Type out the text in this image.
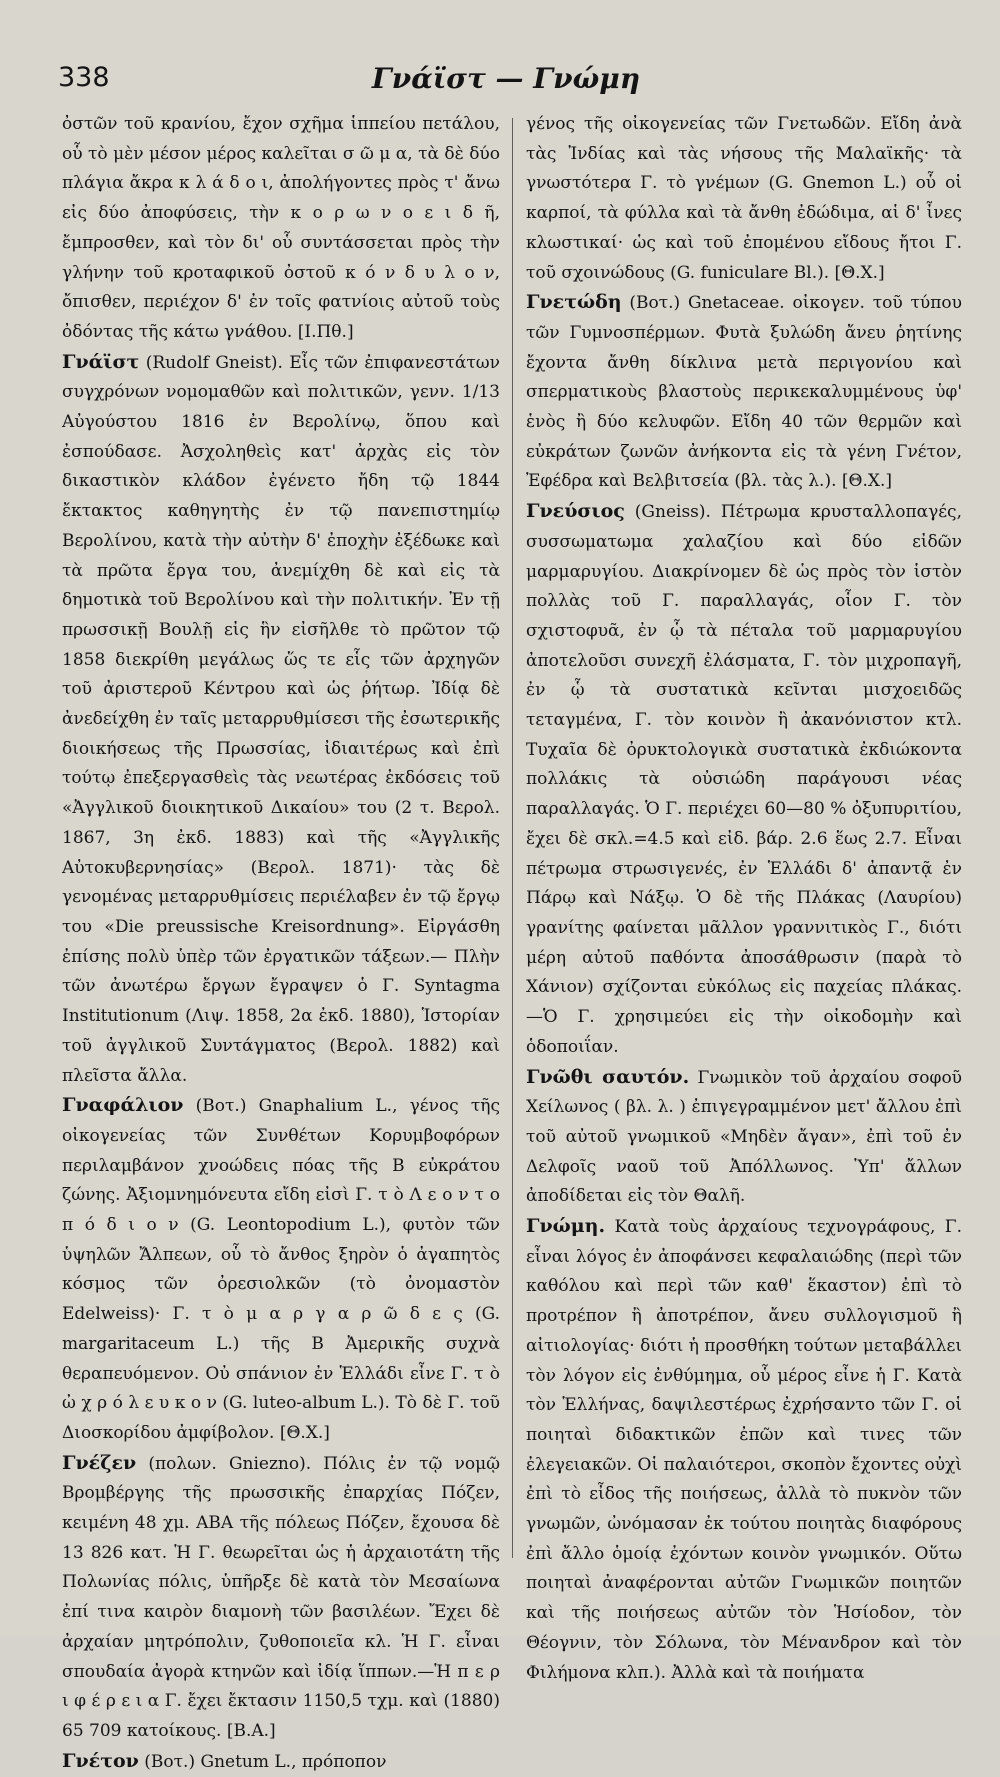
338	Γνάϊστ — Γνώμη

ὀστῶν τοῦ κρανίου, ἔχον σχῆμα ἱππείου πετάλου, οὗ τὸ μὲν μέσον μέρος καλεῖται σ ῶ μ α, τὰ δὲ δύο πλάγια ἄκρα κ λ ά δ ο ι, ἀπολήγοντες πρὸς τ' ἄνω εἰς δύο ἀποφύσεις, τὴν κ ο ρ ω ν ο ε ι δ ῆ, ἔμπροσθεν, καὶ τὸν δι' οὗ συντάσσεται πρὸς τὴν γλήνην τοῦ κροταφικοῦ ὀστοῦ κ ό ν δ υ λ ο ν, ὄπισθεν, περιέχον δ' ἐν τοῖς φατνίοις αὐτοῦ τοὺς ὀδόντας τῆς κάτω γνάθου. [Ι.Πθ.]

Γνάϊστ (Rudolf Gneist). Εἷς τῶν ἐπιφανεστάτων συγχρόνων νομομαθῶν καὶ πολιτικῶν, γενν. 1/13 Αὐγούστου 1816 ἐν Βερολίνῳ, ὅπου καὶ ἐσπούδασε. Ἀσχοληθεὶς κατ' ἀρχὰς εἰς τὸν δικαστικὸν κλάδον ἐγένετο ἤδη τῷ 1844 ἔκτακτος καθηγητὴς ἐν τῷ πανεπιστημίῳ Βερολίνου, κατὰ τὴν αὐτὴν δ' ἐποχὴν ἐξέδωκε καὶ τὰ πρῶτα ἔργα του, ἀνεμίχθη δὲ καὶ εἰς τὰ δημοτικὰ τοῦ Βερολίνου καὶ τὴν πολιτικήν. Ἐν τῇ πρωσσικῇ Βουλῇ εἰς ἣν εἰσῆλθε τὸ πρῶτον τῷ 1858 διεκρίθη μεγάλως ὥς τε εἷς τῶν ἀρχηγῶν τοῦ ἀριστεροῦ Κέντρου καὶ ὡς ῥήτωρ. Ἰδίᾳ δὲ ἀνεδείχθη ἐν ταῖς μεταρρυθμίσεσι τῆς ἐσωτερικῆς διοικήσεως τῆς Πρωσσίας, ἰδιαιτέρως καὶ ἐπὶ τούτῳ ἐπεξεργασθεὶς τὰς νεωτέρας ἐκδόσεις τοῦ «Ἀγγλικοῦ διοικητικοῦ Δικαίου» του (2 τ. Βερολ. 1867, 3η ἐκδ. 1883) καὶ τῆς «Ἀγγλικῆς Αὐτοκυβερνησίας» (Βερολ. 1871)· τὰς δὲ γενομένας μεταρρυθμίσεις περιέλαβεν ἐν τῷ ἔργῳ του «Die preussische Kreisordnung». Εἰργάσθη ἐπίσης πολὺ ὑπὲρ τῶν ἐργατικῶν τάξεων.— Πλὴν τῶν ἀνωτέρω ἔργων ἔγραψεν ὁ Γ. Syntagma Institutionum (Λιψ. 1858, 2α ἐκδ. 1880), Ἱστορίαν τοῦ ἀγγλικοῦ Συντάγματος (Βερολ. 1882) καὶ πλεῖστα ἄλλα.

Γναφάλιον (Βοτ.) Gnaphalium L., γένος τῆς οἰκογενείας τῶν Συνθέτων Κορυμβοφόρων περιλαμβάνον χνοώδεις πόας τῆς Β εὐκράτου ζώνης. Ἀξιομνημόνευτα εἴδη εἰσὶ Γ. τ ὸ Λ ε ο ν τ ο π ό δ ι ο ν (G. Leontopodium L.), φυτὸν τῶν ὑψηλῶν Ἄλπεων, οὗ τὸ ἄνθος ξηρὸν ὁ ἀγαπητὸς κόσμος τῶν ὀρεσιολκῶν (τὸ ὀνομαστὸν Edelweiss)· Γ. τ ὸ μ α ρ γ α ρ ῶ δ ε ς (G. margaritaceum L.) τῆς Β Ἀμερικῆς συχνὰ θεραπευόμενον. Οὐ σπάνιον ἐν Ἑλλάδι εἶνε Γ. τ ὸ ὠ χ ρ ό λ ε υ κ ο ν (G. luteo-album L.). Τὸ δὲ Γ. τοῦ Διοσκορίδου ἀμφίβολον. [Θ.Χ.]

Γνέζεν (πολων. Gniezno). Πόλις ἐν τῷ νομῷ Βρομβέργης τῆς πρωσσικῆς ἐπαρχίας Πόζεν, κειμένη 48 χμ. ΑΒΑ τῆς πόλεως Πόζεν, ἔχουσα δὲ 13 826 κατ. Ἡ Γ. θεωρεῖται ὡς ἡ ἀρχαιοτάτη τῆς Πολωνίας πόλις, ὑπῆρξε δὲ κατὰ τὸν Μεσαίωνα ἐπί τινα καιρὸν διαμονὴ τῶν βασιλέων. Ἔχει δὲ ἀρχαίαν μητρόπολιν, ζυθοποιεῖα κλ. Ἡ Γ. εἶναι σπουδαία ἀγορὰ κτηνῶν καὶ ἰδίᾳ ἵππων.—Ἡ π ε ρ ι φ έ ρ ε ι α Γ. ἔχει ἔκτασιν 1150,5 τχμ. καὶ (1880) 65 709 κατοίκους. [Β.Α.]

Γνέτον (Βοτ.) Gnetum L., πρόποπον

γένος τῆς οἰκογενείας τῶν Γνετωδῶν. Εἴδη ἀνὰ τὰς Ἰνδίας καὶ τὰς νήσους τῆς Μαλαϊκῆς· τὰ γνωστότερα Γ. τὸ γνέμων (G. Gnemon L.) οὗ οἱ καρποί, τὰ φύλλα καὶ τὰ ἄνθη ἐδώδιμα, αἱ δ' ἶνες κλωστικαί· ὡς καὶ τοῦ ἐπομένου εἴδους ἤτοι Γ. τοῦ σχοινώδους (G. funiculare Bl.). [Θ.Χ.]

Γνετώδη (Βοτ.) Gnetaceae. οἰκογεν. τοῦ τύπου τῶν Γυμνοσπέρμων. Φυτὰ ξυλώδη ἄνευ ῥητίνης ἔχοντα ἄνθη δίκλινα μετὰ περιγονίου καὶ σπερματικοὺς βλαστοὺς περικεκαλυμμένους ὑφ' ἑνὸς ἢ δύο κελυφῶν. Εἴδη 40 τῶν θερμῶν καὶ εὐκράτων ζωνῶν ἀνήκοντα εἰς τὰ γένη Γνέτον, Ἐφέδρα καὶ Βελβιτσεία (βλ. τὰς λ.). [Θ.Χ.]

Γνεύσιος (Gneiss). Πέτρωμα κρυσταλλοπαγές, συσσωματωμα χαλαζίου καὶ δύο εἰδῶν μαρμαρυγίου. Διακρίνομεν δὲ ὡς πρὸς τὸν ἱστὸν πολλὰς τοῦ Γ. παραλλαγάς, οἷον Γ. τὸν σχιστοφυᾶ, ἐν ᾧ τὰ πέταλα τοῦ μαρμαρυγίου ἀποτελοῦσι συνεχῆ ἐλάσματα, Γ. τὸν μιχροπαγῆ, ἐν ᾧ τὰ συστατικὰ κεῖνται μισχοειδῶς τεταγμένα, Γ. τὸν κοινὸν ἢ ἀκανόνιστον κτλ. Τυχαῖα δὲ ὀρυκτολογικὰ συστατικὰ ἐκδιώκοντα πολλάκις τὰ οὐσιώδη παράγουσι νέας παραλλαγάς. Ὁ Γ. περιέχει 60—80 % ὀξυπυριτίου, ἔχει δὲ σκλ.=4.5 καὶ εἰδ. βάρ. 2.6 ἕως 2.7. Εἶναι πέτρωμα στρωσιγενές, ἐν Ἑλλάδι δ' ἀπαντᾷ ἐν Πάρῳ καὶ Νάξῳ. Ὁ δὲ τῆς Πλάκας (Λαυρίου) γρανίτης φαίνεται μᾶλλον γραννιτικὸς Γ., διότι μέρη αὐτοῦ παθόντα ἀποσάθρωσιν (παρὰ τὸ Χάνιον) σχίζονται εὐκόλως εἰς παχείας πλάκας.—Ὁ Γ. χρησιμεύει εἰς τὴν οἰκοδομὴν καὶ ὁδοποιΐαν.

Γνῶθι σαυτόν. Γνωμικὸν τοῦ ἀρχαίου σοφοῦ Χείλωνος ( βλ. λ. ) ἐπιγεγραμμένον μετ' ἄλλου ἐπὶ τοῦ αὐτοῦ γνωμικοῦ «Μηδὲν ἄγαν», ἐπὶ τοῦ ἐν Δελφοῖς ναοῦ τοῦ Ἀπόλλωνος. Ὑπ' ἄλλων ἀποδίδεται εἰς τὸν Θαλῆ.

Γνώμη. Κατὰ τοὺς ἀρχαίους τεχνογράφους, Γ. εἶναι λόγος ἐν ἀποφάνσει κεφαλαιώδης (περὶ τῶν καθόλου καὶ περὶ τῶν καθ' ἕκαστον) ἐπὶ τὸ προτρέπον ἢ ἀποτρέπον, ἄνευ συλλογισμοῦ ἢ αἰτιολογίας· διότι ἡ προσθήκη τούτων μεταβάλλει τὸν λόγον εἰς ἐνθύμημα, οὗ μέρος εἶνε ἡ Γ. Κατὰ τὸν Ἑλλήνας, δαψιλεστέρως ἐχρήσαντο τῶν Γ. οἱ ποιηταὶ διδακτικῶν ἐπῶν καὶ τινες τῶν ἐλεγειακῶν. Οἱ παλαιότεροι, σκοπὸν ἔχοντες οὐχὶ ἐπὶ τὸ εἶδος τῆς ποιήσεως, ἀλλὰ τὸ πυκνὸν τῶν γνωμῶν, ὠνόμασαν ἐκ τούτου ποιητὰς διαφόρους ἐπὶ ἄλλο ὁμοίᾳ ἐχόντων κοινὸν γνωμικόν. Οὕτω ποιηταὶ ἀναφέρονται αὐτῶν Γνωμικῶν ποιητῶν καὶ τῆς ποιήσεως αὐτῶν τὸν Ἡσίοδον, τὸν Θέογνιν, τὸν Σόλωνα, τὸν Μένανδρον καὶ τὸν Φιλήμονα κλπ.). Ἀλλὰ καὶ τὰ ποιήματα
